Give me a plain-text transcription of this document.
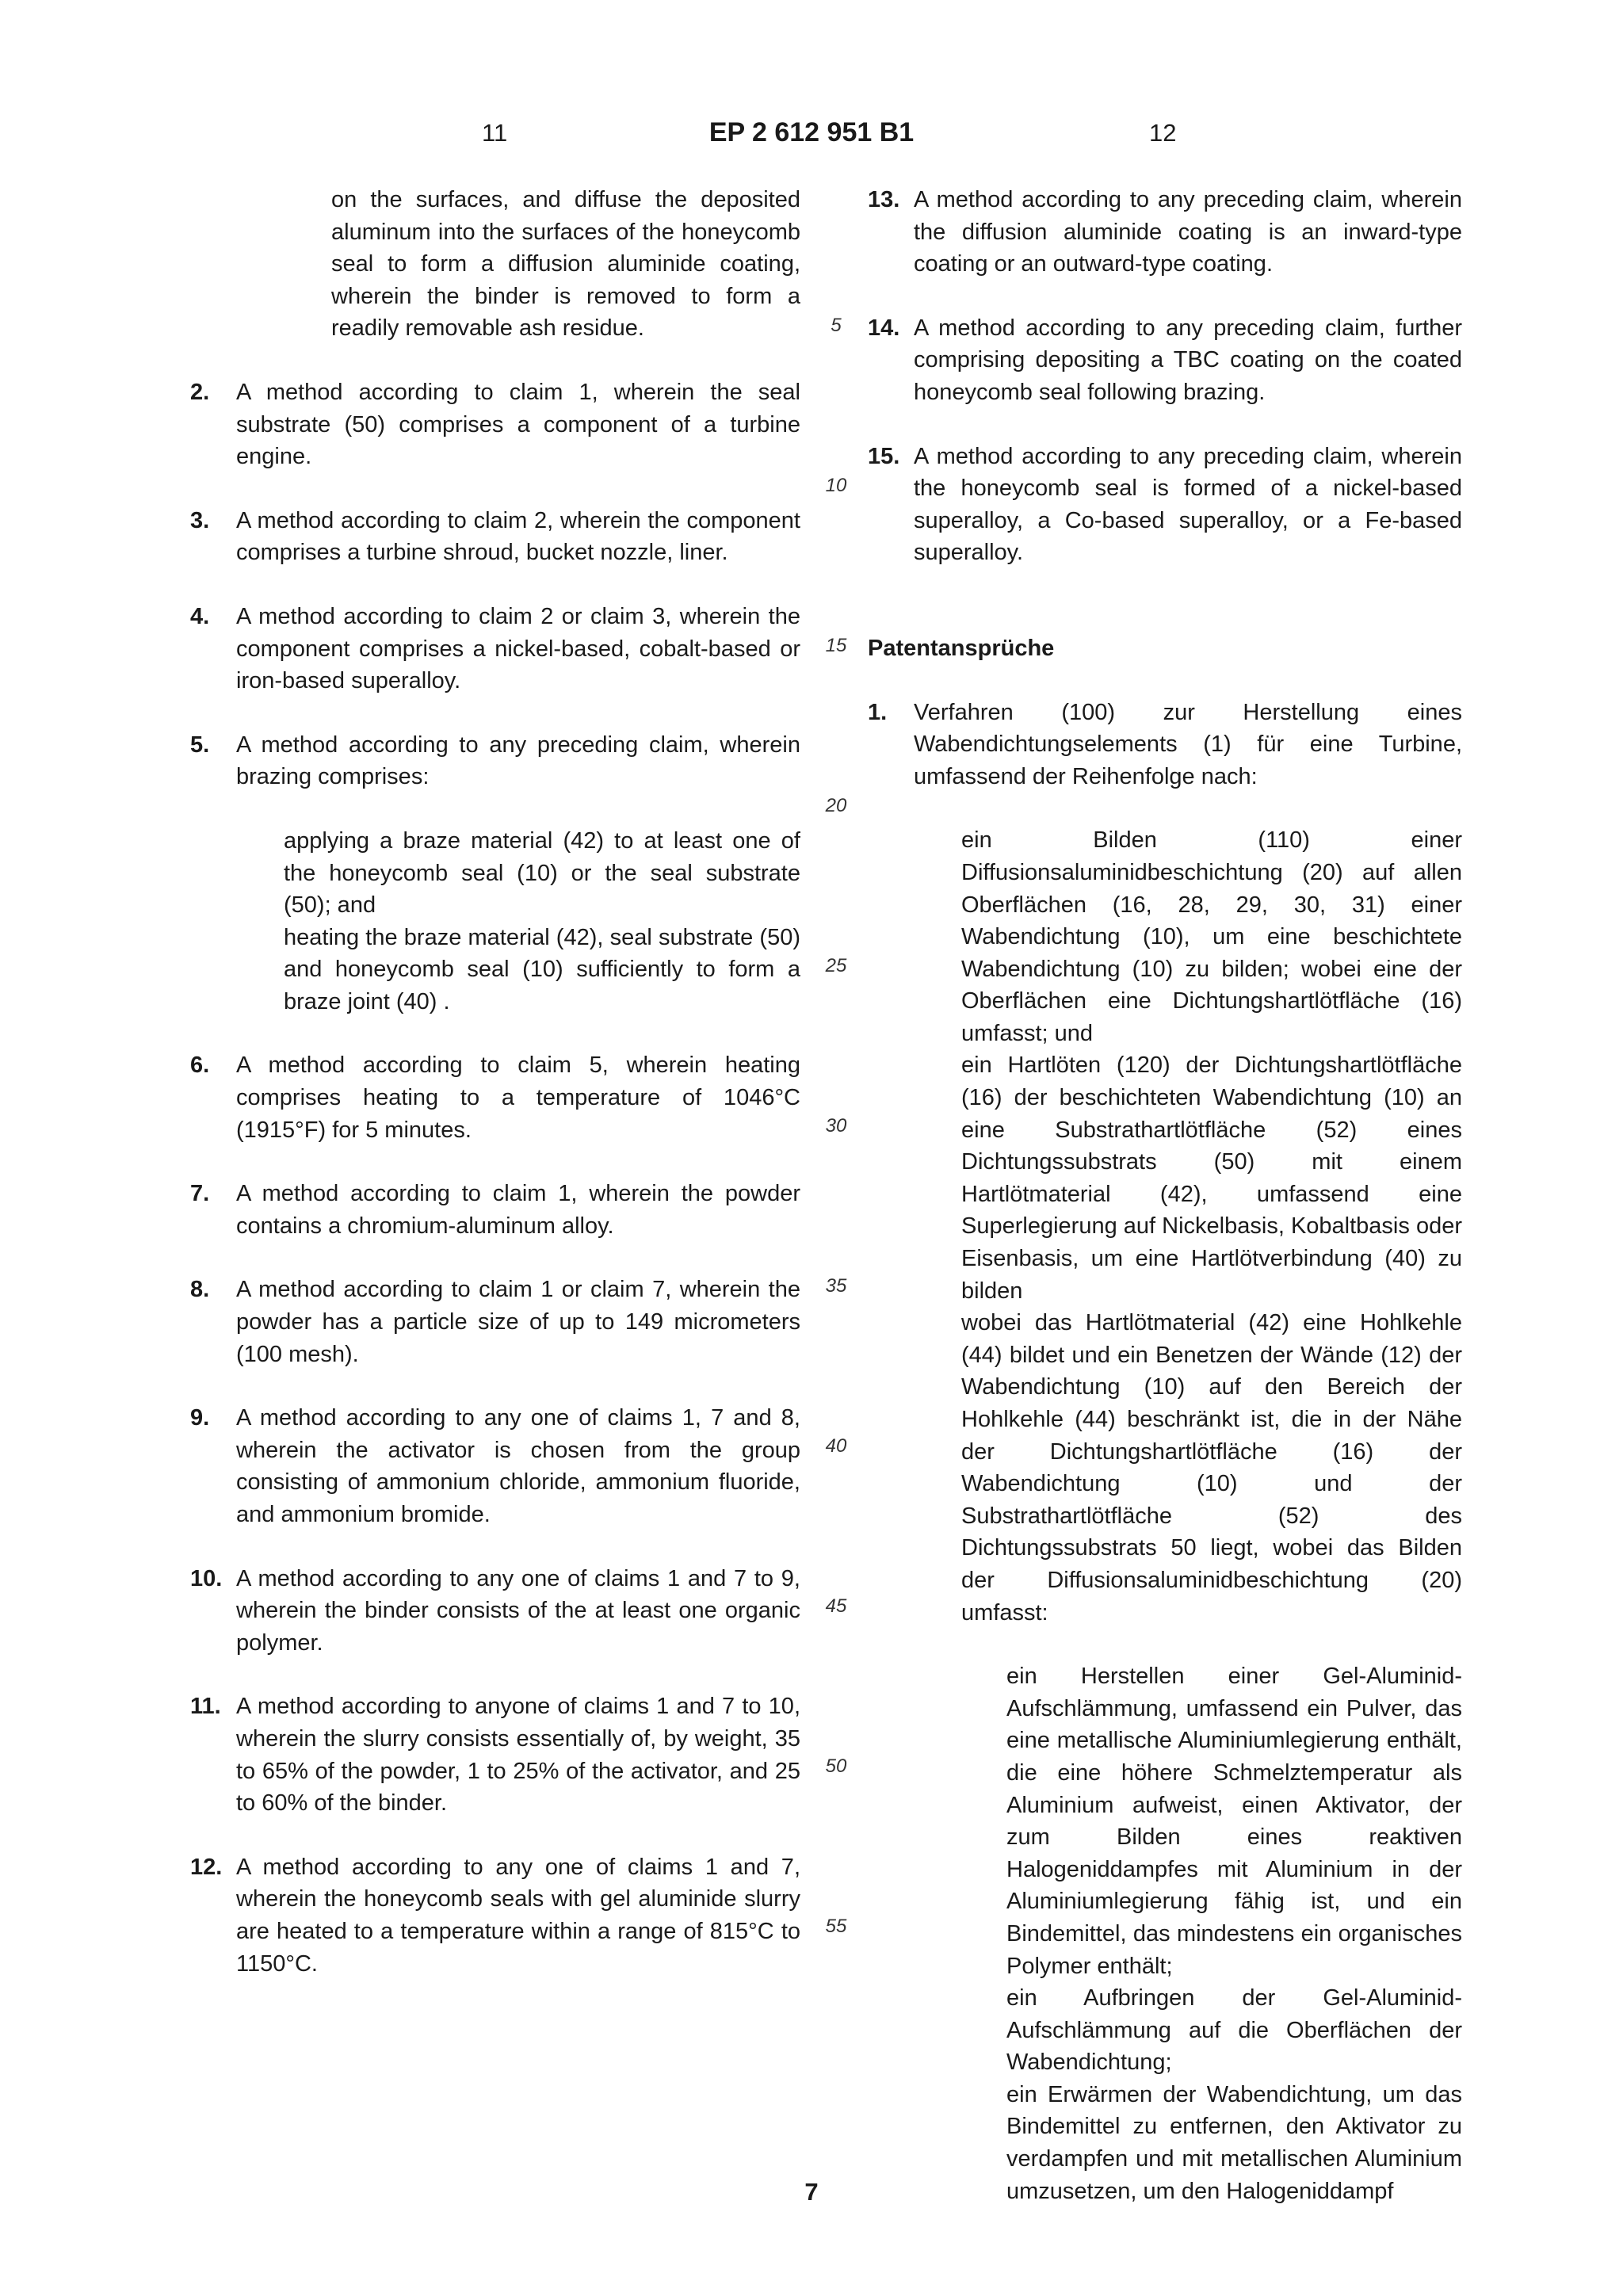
11	EP 2 612 951 B1	12

on the surfaces, and diffuse the deposited aluminum into the surfaces of the honeycomb seal to form a diffusion aluminide coating, wherein the binder is removed to form a readily removable ash residue.

2.	A method according to claim 1, wherein the seal substrate (50) comprises a component of a turbine engine.

3.	A method according to claim 2, wherein the component comprises a turbine shroud, bucket nozzle, liner.

4.	A method according to claim 2 or claim 3, wherein the component comprises a nickel-based, cobalt-based or iron-based superalloy.

5.	A method according to any preceding claim, wherein brazing comprises:

applying a braze material (42) to at least one of the honeycomb seal (10) or the seal substrate (50); and

heating the braze material (42), seal substrate (50) and honeycomb seal (10) sufficiently to form a braze joint (40) .

6.	A method according to claim 5, wherein heating comprises heating to a temperature of 1046°C (1915°F) for 5 minutes.

7.	A method according to claim 1, wherein the powder contains a chromium-aluminum alloy.

8.	A method according to claim 1 or claim 7, wherein the powder has a particle size of up to 149 micrometers (100 mesh).

9.	A method according to any one of claims 1, 7 and 8, wherein the activator is chosen from the group consisting of ammonium chloride, ammonium fluoride, and ammonium bromide.

10. A method according to any one of claims 1 and 7 to 9, wherein the binder consists of the at least one organic polymer.

11. A method according to anyone of claims 1 and 7 to 10, wherein the slurry consists essentially of, by weight, 35 to 65% of the powder, 1 to 25% of the activator, and 25 to 60% of the binder.

12. A method according to any one of claims 1 and 7, wherein the honeycomb seals with gel aluminide slurry are heated to a temperature within a range of 815°C to 1150°C.

5
10
15
20
25
30
35
40
45
50
55
13. A method according to any preceding claim, wherein the diffusion aluminide coating is an inward-type coating or an outward-type coating.

14. A method according to any preceding claim, further comprising depositing a TBC coating on the coated honeycomb seal following brazing.

15. A method according to any preceding claim, wherein the honeycomb seal is formed of a nickel-based superalloy, a Co-based superalloy, or a Fe-based superalloy.

Patentansprüche

1.	Verfahren (100) zur Herstellung eines Wabendichtungselements (1) für eine Turbine, umfassend der Reihenfolge nach:

ein Bilden (110) einer Diffusionsaluminidbeschichtung (20) auf allen Oberflächen (16, 28, 29, 30, 31) einer Wabendichtung (10), um eine beschichtete Wabendichtung (10) zu bilden; wobei eine der Oberflächen eine Dichtungshartlötfläche (16) umfasst; und

ein Hartlöten (120) der Dichtungshartlötfläche (16) der beschichteten Wabendichtung (10) an eine Substrathartlötfläche (52) eines Dichtungssubstrats (50) mit einem Hartlötmaterial (42), umfassend eine Superlegierung auf Nickelbasis, Kobaltbasis oder Eisenbasis, um eine Hartlötverbindung (40) zu bilden

wobei das Hartlötmaterial (42) eine Hohlkehle (44) bildet und ein Benetzen der Wände (12) der Wabendichtung (10) auf den Bereich der Hohlkehle (44) beschränkt ist, die in der Nähe der Dichtungshartlötfläche (16) der Wabendichtung (10) und der Substrathartlötfläche (52) des Dichtungssubstrats 50 liegt, wobei das Bilden der Diffusionsaluminidbeschichtung (20) umfasst:

ein Herstellen einer Gel-Aluminid-Aufschlämmung, umfassend ein Pulver, das eine metallische Aluminiumlegierung enthält, die eine höhere Schmelztemperatur als Aluminium aufweist, einen Aktivator, der zum Bilden eines reaktiven Halogeniddampfes mit Aluminium in der Aluminiumlegierung fähig ist, und ein Bindemittel, das mindestens ein organisches Polymer enthält;

ein Aufbringen der Gel-Aluminid-Aufschlämmung auf die Oberflächen der Wabendichtung;

ein Erwärmen der Wabendichtung, um das Bindemittel zu entfernen, den Aktivator zu verdampfen und mit metallischen Aluminium umzusetzen, um den Halogeniddampf

7
